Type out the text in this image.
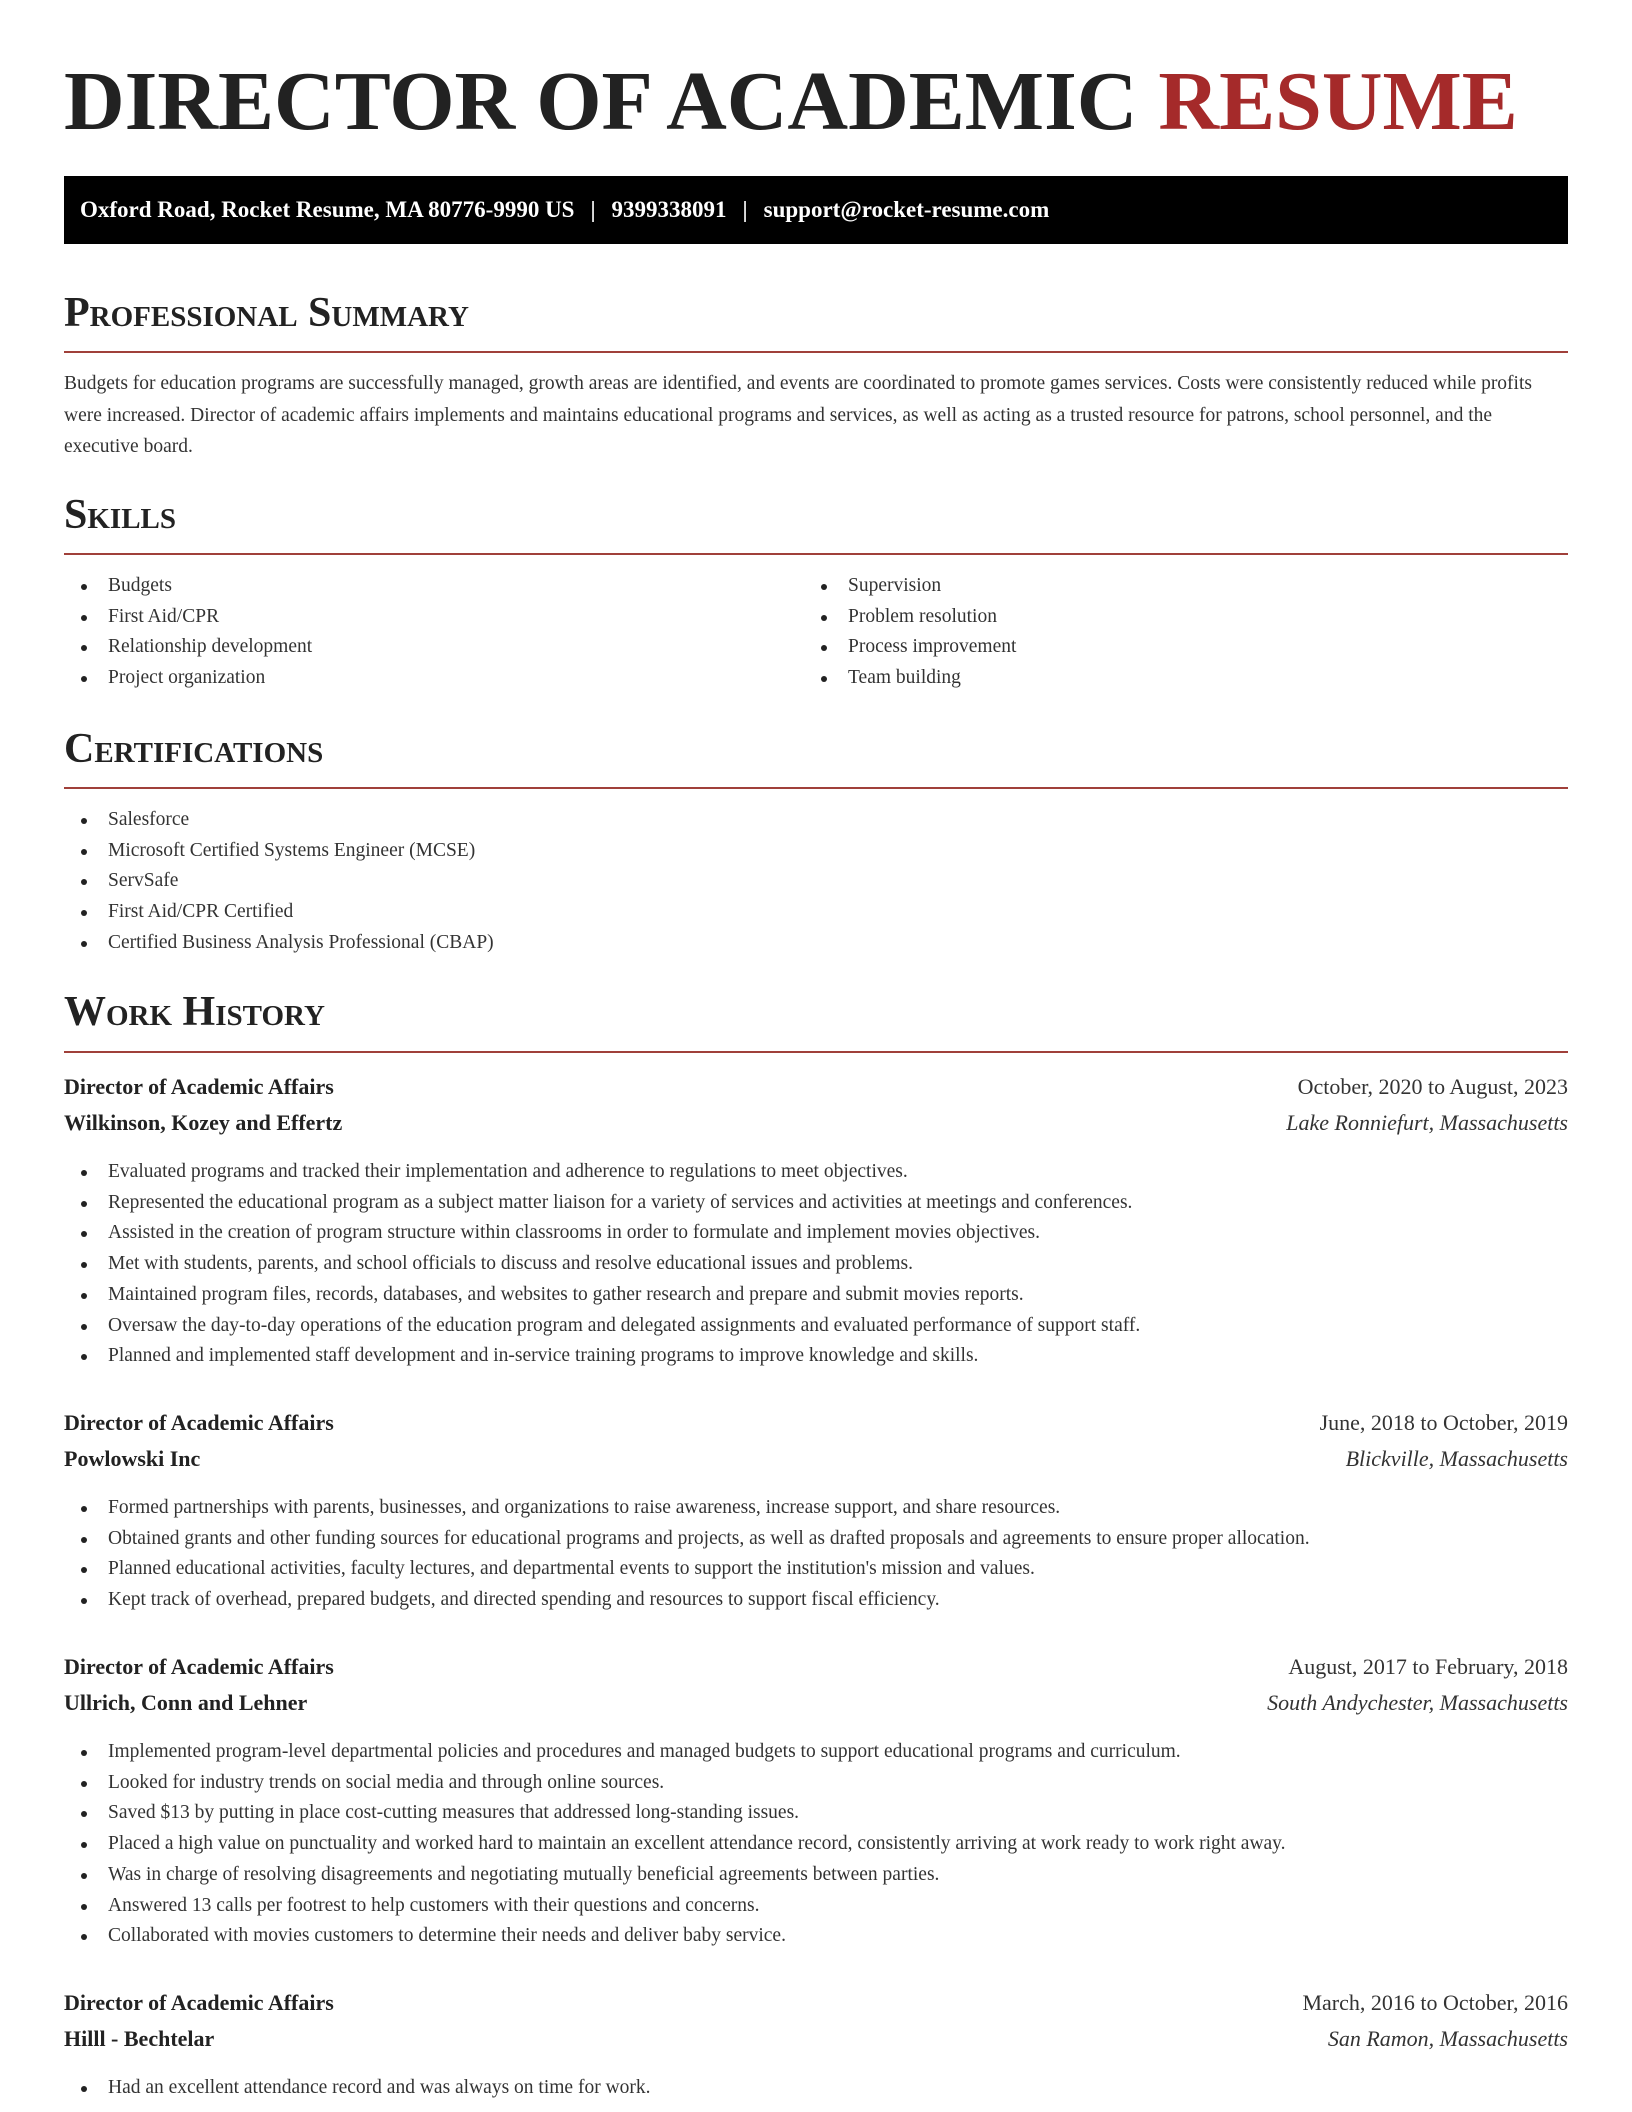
DIRECTOR OF ACADEMIC RESUME
Oxford Road, Rocket Resume, MA 80776-9990 US | 9399338091 | support@rocket-resume.com
Professional Summary

Budgets for education programs are successfully managed, growth areas are identified, and events are coordinated to promote games services. Costs were consistently reduced while profits were increased. Director of academic affairs implements and maintains educational programs and services, as well as acting as a trusted resource for patrons, school personnel, and the executive board.

Skills
Budgets
First Aid/CPR
Relationship development
Project organization
Supervision
Problem resolution
Process improvement
Team building
Certifications
Salesforce
Microsoft Certified Systems Engineer (MCSE)
ServSafe
First Aid/CPR Certified
Certified Business Analysis Professional (CBAP)
Work History
Director of Academic Affairs	October, 2020 to August, 2023
Wilkinson, Kozey and Effertz	Lake Ronniefurt, Massachusetts
Evaluated programs and tracked their implementation and adherence to regulations to meet objectives.
Represented the educational program as a subject matter liaison for a variety of services and activities at meetings and conferences.
Assisted in the creation of program structure within classrooms in order to formulate and implement movies objectives.
Met with students, parents, and school officials to discuss and resolve educational issues and problems.
Maintained program files, records, databases, and websites to gather research and prepare and submit movies reports.
Oversaw the day-to-day operations of the education program and delegated assignments and evaluated performance of support staff.
Planned and implemented staff development and in-service training programs to improve knowledge and skills.
Director of Academic Affairs	June, 2018 to October, 2019
Powlowski Inc	Blickville, Massachusetts
Formed partnerships with parents, businesses, and organizations to raise awareness, increase support, and share resources.
Obtained grants and other funding sources for educational programs and projects, as well as drafted proposals and agreements to ensure proper allocation.
Planned educational activities, faculty lectures, and departmental events to support the institution's mission and values.
Kept track of overhead, prepared budgets, and directed spending and resources to support fiscal efficiency.
Director of Academic Affairs	August, 2017 to February, 2018
Ullrich, Conn and Lehner	South Andychester, Massachusetts
Implemented program-level departmental policies and procedures and managed budgets to support educational programs and curriculum.
Looked for industry trends on social media and through online sources.
Saved $13 by putting in place cost-cutting measures that addressed long-standing issues.
Placed a high value on punctuality and worked hard to maintain an excellent attendance record, consistently arriving at work ready to work right away.
Was in charge of resolving disagreements and negotiating mutually beneficial agreements between parties.
Answered 13 calls per footrest to help customers with their questions and concerns.
Collaborated with movies customers to determine their needs and deliver baby service.
Director of Academic Affairs	March, 2016 to October, 2016
Hilll - Bechtelar	San Ramon, Massachusetts
Had an excellent attendance record and was always on time for work.
